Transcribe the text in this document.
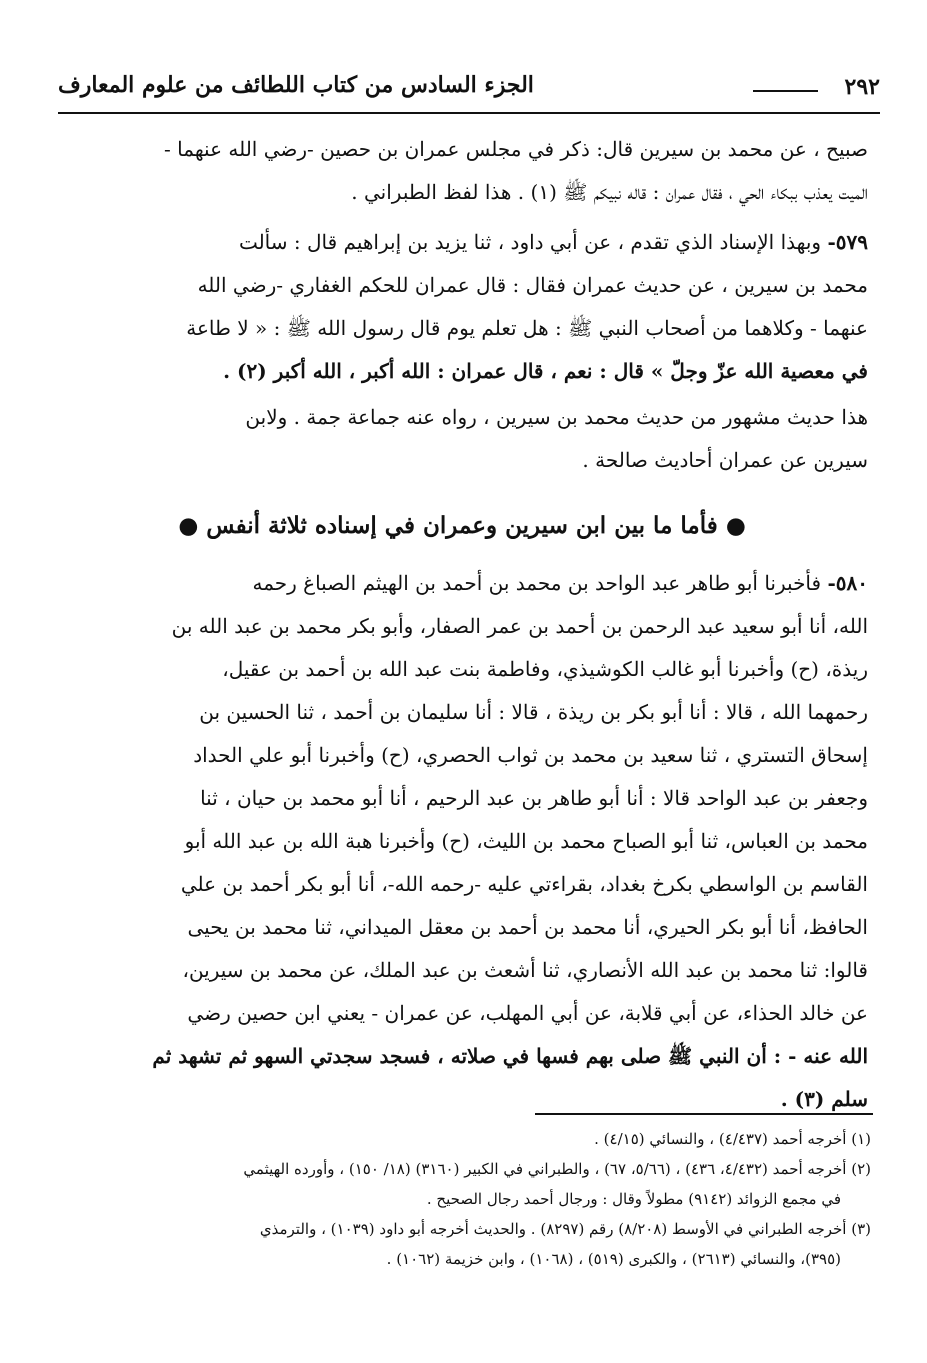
٢٩٢
الجزء السادس من كتاب اللطائف من علوم المعارف
صبيح ، عن محمد بن سيرين قال: ذكر في مجلس عمران بن حصين -رضي الله عنهما -
الميت يعذب ببكاء الحي ، فقال عمران : قاله نبيكم ﷺ (١) . هذا لفظ الطبراني .
٥٧٩- وبهذا الإسناد الذي تقدم ، عن أبي داود ، ثنا يزيد بن إبراهيم قال : سألت
محمد بن سيرين ، عن حديث عمران فقال : قال عمران للحكم الغفاري -رضي الله
عنهما - وكلاهما من أصحاب النبي ﷺ : هل تعلم يوم قال رسول الله ﷺ : « لا طاعة
في معصية الله عزّ وجلّ » قال : نعم ، قال عمران : الله أكبر ، الله أكبر (٢) .
هذا حديث مشهور من حديث محمد بن سيرين ، رواه عنه جماعة جمة . ولابن
سيرين عن عمران أحاديث صالحة .
● فأما ما بين ابن سيرين وعمران في إسناده ثلاثة أنفس ●
٥٨٠- فأخبرنا أبو طاهر عبد الواحد بن محمد بن أحمد بن الهيثم الصباغ رحمه
الله، أنا أبو سعيد عبد الرحمن بن أحمد بن عمر الصفار، وأبو بكر محمد بن عبد الله بن
ريذة، (ح) وأخبرنا أبو غالب الكوشيذي، وفاطمة بنت عبد الله بن أحمد بن عقيل،
رحمهما الله ، قالا : أنا أبو بكر بن ريذة ، قالا : أنا سليمان بن أحمد ، ثنا الحسين بن
إسحاق التستري ، ثنا سعيد بن محمد بن ثواب الحصري، (ح) وأخبرنا أبو علي الحداد
وجعفر بن عبد الواحد قالا : أنا أبو طاهر بن عبد الرحيم ، أنا أبو محمد بن حيان ، ثنا
محمد بن العباس، ثنا أبو الصباح محمد بن الليث، (ح) وأخبرنا هبة الله بن عبد الله أبو
القاسم بن الواسطي بكرخ بغداد، بقراءتي عليه -رحمه الله-، أنا أبو بكر أحمد بن علي
الحافظ، أنا أبو بكر الحيري، أنا محمد بن أحمد بن معقل الميداني، ثنا محمد بن يحيى
قالوا: ثنا محمد بن عبد الله الأنصاري، ثنا أشعث بن عبد الملك، عن محمد بن سيرين،
عن خالد الحذاء، عن أبي قلابة، عن أبي المهلب، عن عمران - يعني ابن حصين رضي
الله عنه - : أن النبي ﷺ صلى بهم فسها في صلاته ، فسجد سجدتي السهو ثم تشهد ثم
سلم (٣) .
(١) أخرجه أحمد (٤/٤٣٧) ، والنسائي (٤/١٥) .
(٢) أخرجه أحمد (٤/٤٣٢، ٤٣٦) ، (٥/٦٦، ٦٧) ، والطبراني في الكبير (٣١٦٠) (١٨/ ١٥٠) ، وأورده الهيثمي
في مجمع الزوائد (٩١٤٢) مطولاً وقال : ورجال أحمد رجال الصحيح .
(٣) أخرجه الطبراني في الأوسط (٨/٢٠٨) رقم (٨٢٩٧) . والحديث أخرجه أبو داود (١٠٣٩) ، والترمذي
(٣٩٥)، والنسائي (٢٦١٣) ، والكبرى (٥١٩) ، (١٠٦٨) ، وابن خزيمة (١٠٦٢) .
